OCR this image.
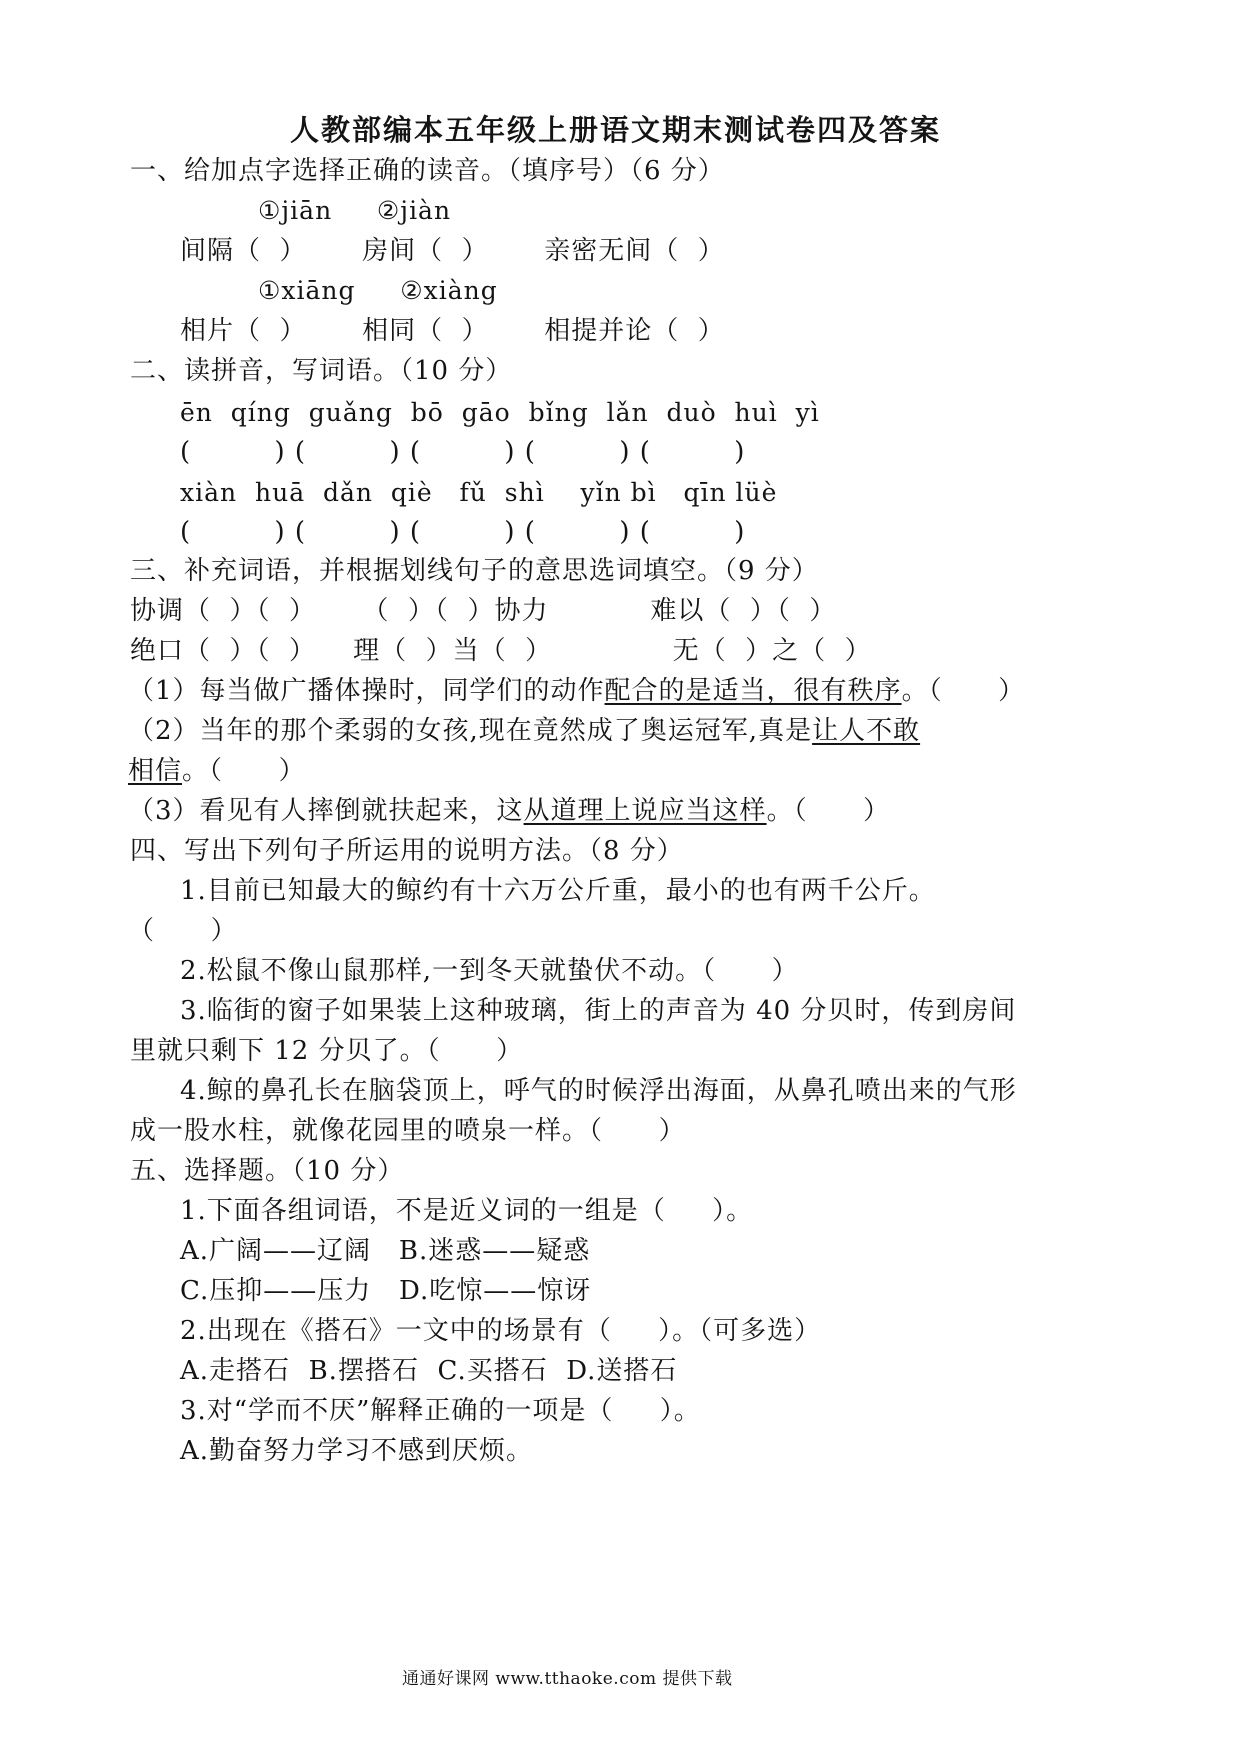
人教部编本五年级上册语文期末测试卷四及答案
一、给加点字选择正确的读音。（填序号）（6 分）
①jiān     ②jiàn
间隔（  ）      房间（  ）      亲密无间（  ）
①xiāng     ②xiàng
相片（  ）      相同（  ）      相提并论（  ）
二、读拼音，写词语。（10 分）
ēn  qíng  guǎng  bō  gāo  bǐng  lǎn  duò  huì  yì
(         ) (         ) (         ) (         ) (         )
xiàn  huā  dǎn  qiè   fǔ  shì    yǐn bì   qīn lüè
(         ) (         ) (         ) (         ) (         )
三、补充词语，并根据划线句子的意思选词填空。（9 分）
协调（  ）（  ）     （  ）（  ）协力           难以（  ）（  ）
绝口（  ）（  ）    理（  ）当（  ）             无（  ）之（  ）
（1）每当做广播体操时，同学们的动作配合的是适当，很有秩序。（      ）
（2）当年的那个柔弱的女孩,现在竟然成了奥运冠军,真是让人不敢
相信。（      ）
（3）看见有人摔倒就扶起来，这从道理上说应当这样。（      ）
四、写出下列句子所运用的说明方法。（8 分）
1.目前已知最大的鲸约有十六万公斤重，最小的也有两千公斤。
（      ）
2.松鼠不像山鼠那样,一到冬天就蛰伏不动。（      ）
3.临街的窗子如果装上这种玻璃，街上的声音为 40 分贝时，传到房间
里就只剩下 12 分贝了。（      ）
4.鲸的鼻孔长在脑袋顶上，呼气的时候浮出海面，从鼻孔喷出来的气形
成一股水柱，就像花园里的喷泉一样。（      ）
五、选择题。（10 分）
1.下面各组词语，不是近义词的一组是（     ）。
A.广阔——辽阔   B.迷惑——疑惑
C.压抑——压力   D.吃惊——惊讶
2.出现在《搭石》一文中的场景有（     ）。（可多选）
A.走搭石  B.摆搭石  C.买搭石  D.送搭石
3.对“学而不厌”解释正确的一项是（     ）。
A.勤奋努力学习不感到厌烦。
通通好课网 www.tthaoke.com 提供下载
